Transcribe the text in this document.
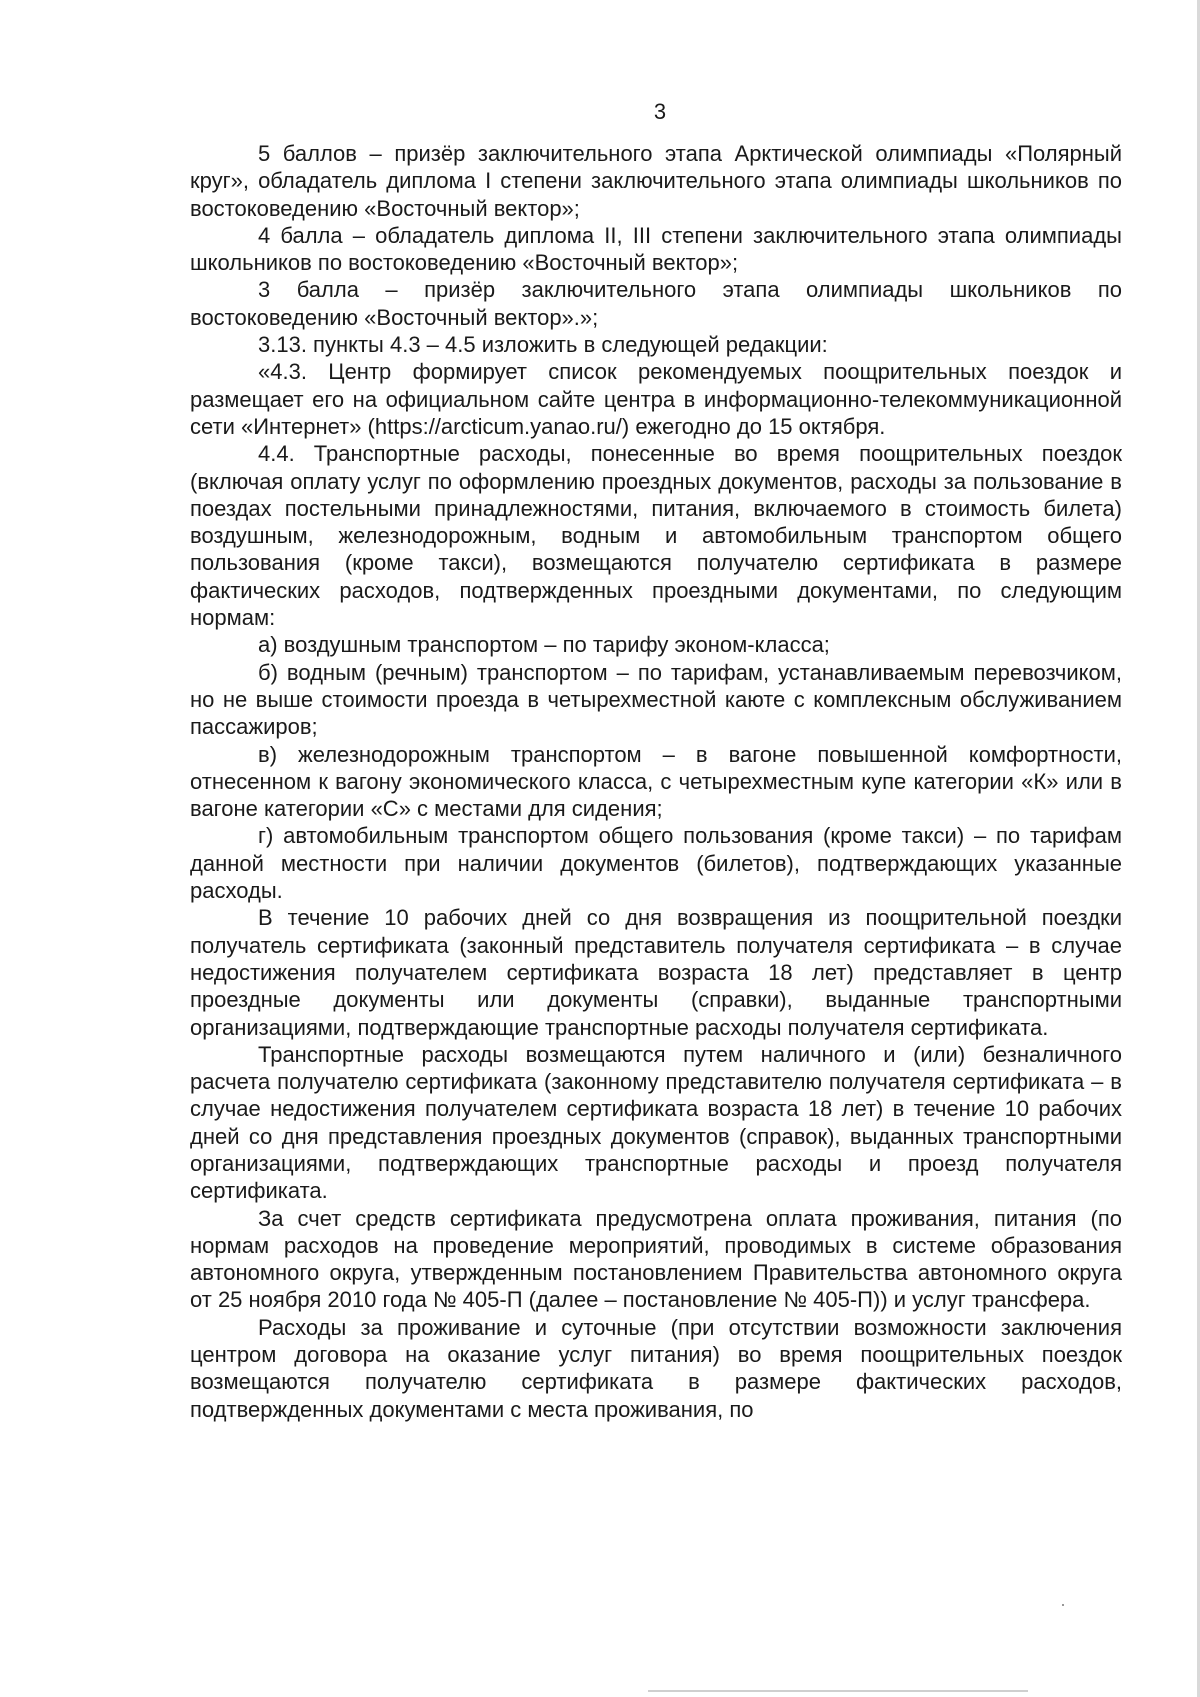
3

5 баллов – призёр заключительного этапа Арктической олимпиады «Полярный круг», обладатель диплома I степени заключительного этапа олимпиады школьников по востоковедению «Восточный вектор»;

4 балла – обладатель диплома II, III степени заключительного этапа олимпиады школьников по востоковедению «Восточный вектор»;

3 балла – призёр заключительного этапа олимпиады школьников по востоковедению «Восточный вектор».»;

3.13. пункты 4.3 – 4.5 изложить в следующей редакции:

«4.3. Центр формирует список рекомендуемых поощрительных поездок и размещает его на официальном сайте центра в информационно-телекоммуникационной сети «Интернет» (https://arcticum.yanao.ru/) ежегодно до 15 октября.

4.4. Транспортные расходы, понесенные во время поощрительных поездок (включая оплату услуг по оформлению проездных документов, расходы за пользование в поездах постельными принадлежностями, питания, включаемого в стоимость билета) воздушным, железнодорожным, водным и автомобильным транспортом общего пользования (кроме такси), возмещаются получателю сертификата в размере фактических расходов, подтвержденных проездными документами, по следующим нормам:

а) воздушным транспортом – по тарифу эконом-класса;

б) водным (речным) транспортом – по тарифам, устанавливаемым перевозчиком, но не выше стоимости проезда в четырехместной каюте с комплексным обслуживанием пассажиров;

в) железнодорожным транспортом – в вагоне повышенной комфортности, отнесенном к вагону экономического класса, с четырехместным купе категории «К» или в вагоне категории «С» с местами для сидения;

г) автомобильным транспортом общего пользования (кроме такси) – по тарифам данной местности при наличии документов (билетов), подтверждающих указанные расходы.

В течение 10 рабочих дней со дня возвращения из поощрительной поездки получатель сертификата (законный представитель получателя сертификата – в случае недостижения получателем сертификата возраста 18 лет) представляет в центр проездные документы или документы (справки), выданные транспортными организациями, подтверждающие транспортные расходы получателя сертификата.

Транспортные расходы возмещаются путем наличного и (или) безналичного расчета получателю сертификата (законному представителю получателя сертификата – в случае недостижения получателем сертификата возраста 18 лет) в течение 10 рабочих дней со дня представления проездных документов (справок), выданных транспортными организациями, подтверждающих транспортные расходы и проезд получателя сертификата.

За счет средств сертификата предусмотрена оплата проживания, питания (по нормам расходов на проведение мероприятий, проводимых в системе образования автономного округа, утвержденным постановлением Правительства автономного округа от 25 ноября 2010 года № 405-П (далее – постановление № 405-П)) и услуг трансфера.

Расходы за проживание и суточные (при отсутствии возможности заключения центром договора на оказание услуг питания) во время поощрительных поездок возмещаются получателю сертификата в размере фактических расходов, подтвержденных документами с места проживания, по
